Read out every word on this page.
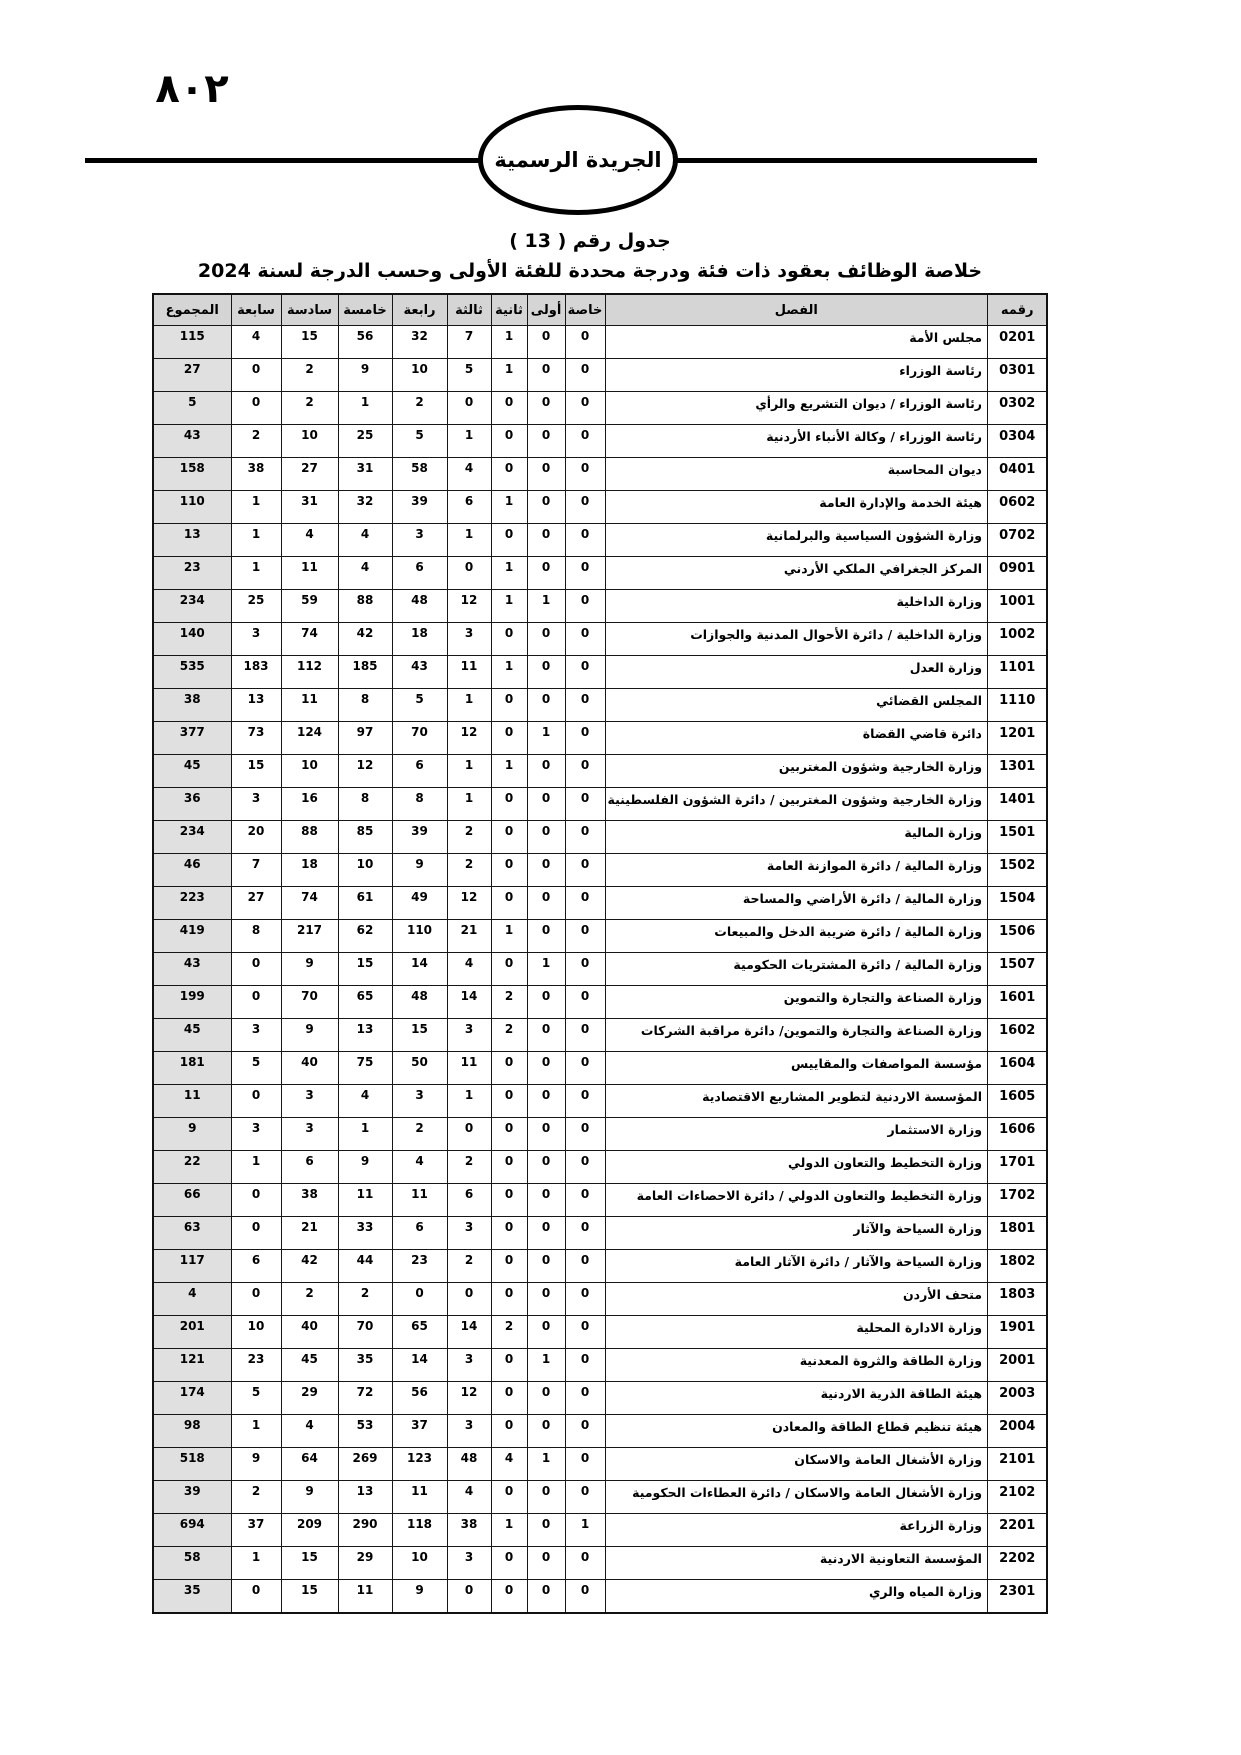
٨٠٢
الجريدة الرسمية
جدول رقم ( 13 )
خلاصة الوظائف بعقود ذات فئة ودرجة محددة للفئة الأولى وحسب الدرجة لسنة 2024
رقمه	الفصل	خاصة	أولى	ثانية	ثالثة	رابعة	خامسة	سادسة	سابعة	المجموع
0201	مجلس الأمة	0	0	1	7	32	56	15	4	115
0301	رئاسة الوزراء	0	0	1	5	10	9	2	0	27
0302	رئاسة الوزراء / ديوان التشريع والرأي	0	0	0	0	2	1	2	0	5
0304	رئاسة الوزراء / وكالة الأنباء الأردنية	0	0	0	1	5	25	10	2	43
0401	ديوان المحاسبة	0	0	0	4	58	31	27	38	158
0602	هيئة الخدمة والإدارة العامة	0	0	1	6	39	32	31	1	110
0702	وزارة الشؤون السياسية والبرلمانية	0	0	0	1	3	4	4	1	13
0901	المركز الجغرافي الملكي الأردني	0	0	1	0	6	4	11	1	23
1001	وزارة الداخلية	0	1	1	12	48	88	59	25	234
1002	وزارة الداخلية / دائرة الأحوال المدنية والجوازات	0	0	0	3	18	42	74	3	140
1101	وزارة العدل	0	0	1	11	43	185	112	183	535
1110	المجلس القضائي	0	0	0	1	5	8	11	13	38
1201	دائرة قاضي القضاة	0	1	0	12	70	97	124	73	377
1301	وزارة الخارجية وشؤون المغتربين	0	0	1	1	6	12	10	15	45
1401	وزارة الخارجية وشؤون المغتربين / دائرة الشؤون الفلسطينية	0	0	0	1	8	8	16	3	36
1501	وزارة المالية	0	0	0	2	39	85	88	20	234
1502	وزارة المالية / دائرة الموازنة العامة	0	0	0	2	9	10	18	7	46
1504	وزارة المالية / دائرة الأراضي والمساحة	0	0	0	12	49	61	74	27	223
1506	وزارة المالية / دائرة ضريبة الدخل والمبيعات	0	0	1	21	110	62	217	8	419
1507	وزارة المالية / دائرة المشتريات الحكومية	0	1	0	4	14	15	9	0	43
1601	وزارة الصناعة والتجارة والتموين	0	0	2	14	48	65	70	0	199
1602	وزارة الصناعة والتجارة والتموين/ دائرة مراقبة الشركات	0	0	2	3	15	13	9	3	45
1604	مؤسسة المواصفات والمقاييس	0	0	0	11	50	75	40	5	181
1605	المؤسسة الاردنية لتطوير المشاريع الاقتصادية	0	0	0	1	3	4	3	0	11
1606	وزارة الاستثمار	0	0	0	0	2	1	3	3	9
1701	وزارة التخطيط والتعاون الدولي	0	0	0	2	4	9	6	1	22
1702	وزارة التخطيط والتعاون الدولي / دائرة الاحصاءات العامة	0	0	0	6	11	11	38	0	66
1801	وزارة السياحة والآثار	0	0	0	3	6	33	21	0	63
1802	وزارة السياحة والآثار / دائرة الآثار العامة	0	0	0	2	23	44	42	6	117
1803	متحف الأردن	0	0	0	0	0	2	2	0	4
1901	وزارة الادارة المحلية	0	0	2	14	65	70	40	10	201
2001	وزارة الطاقة والثروة المعدنية	0	1	0	3	14	35	45	23	121
2003	هيئة الطاقة الذرية الاردنية	0	0	0	12	56	72	29	5	174
2004	هيئة تنظيم قطاع الطاقة والمعادن	0	0	0	3	37	53	4	1	98
2101	وزارة الأشغال العامة والاسكان	0	1	4	48	123	269	64	9	518
2102	وزارة الأشغال العامة والاسكان / دائرة العطاءات الحكومية	0	0	0	4	11	13	9	2	39
2201	وزارة الزراعة	1	0	1	38	118	290	209	37	694
2202	المؤسسة التعاونية الاردنية	0	0	0	3	10	29	15	1	58
2301	وزارة المياه والري	0	0	0	0	9	11	15	0	35
